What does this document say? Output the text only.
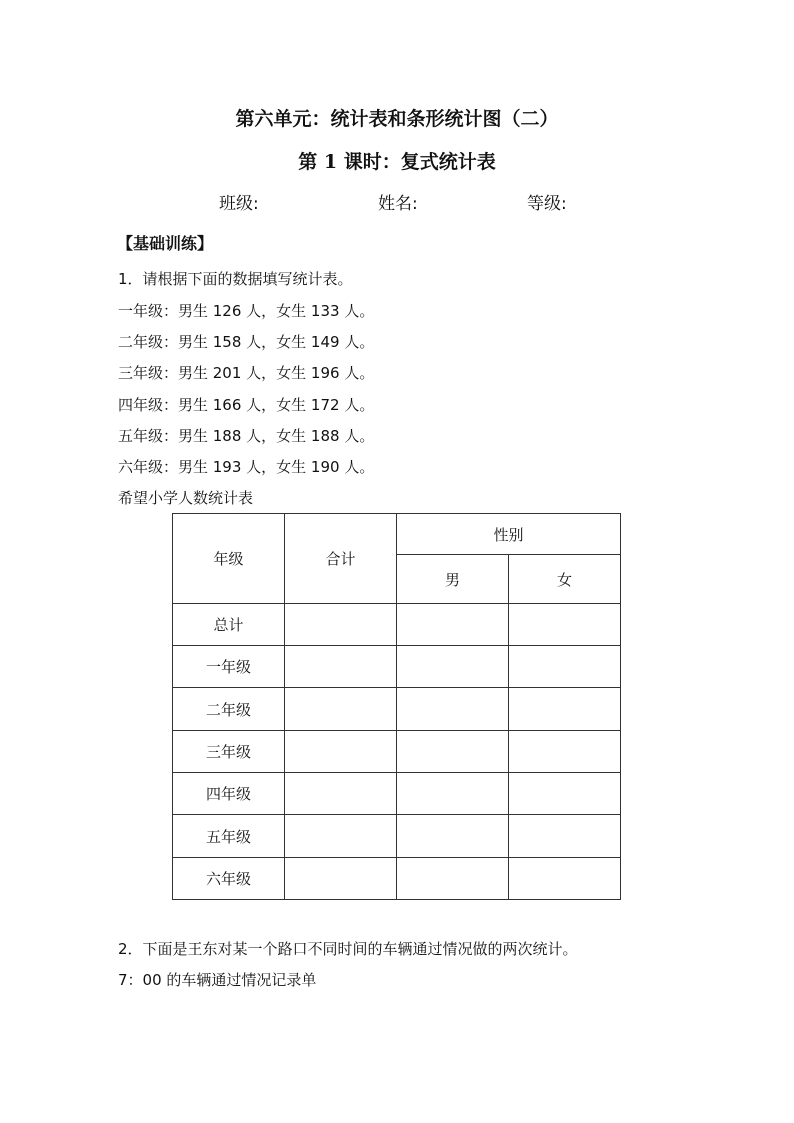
第六单元：统计表和条形统计图（二）
第 1 课时：复式统计表
班级:	姓名:	等级:
【基础训练】
1．请根据下面的数据填写统计表。
一年级：男生 126 人，女生 133 人。
二年级：男生 158 人，女生 149 人。
三年级：男生 201 人，女生 196 人。
四年级：男生 166 人，女生 172 人。
五年级：男生 188 人，女生 188 人。
六年级：男生 193 人，女生 190 人。
希望小学人数统计表
年级	合计	性别	
		男	女
总计			
一年级			
二年级			
三年级			
四年级			
五年级			
六年级			
2．下面是王东对某一个路口不同时间的车辆通过情况做的两次统计。
7：00 的车辆通过情况记录单
